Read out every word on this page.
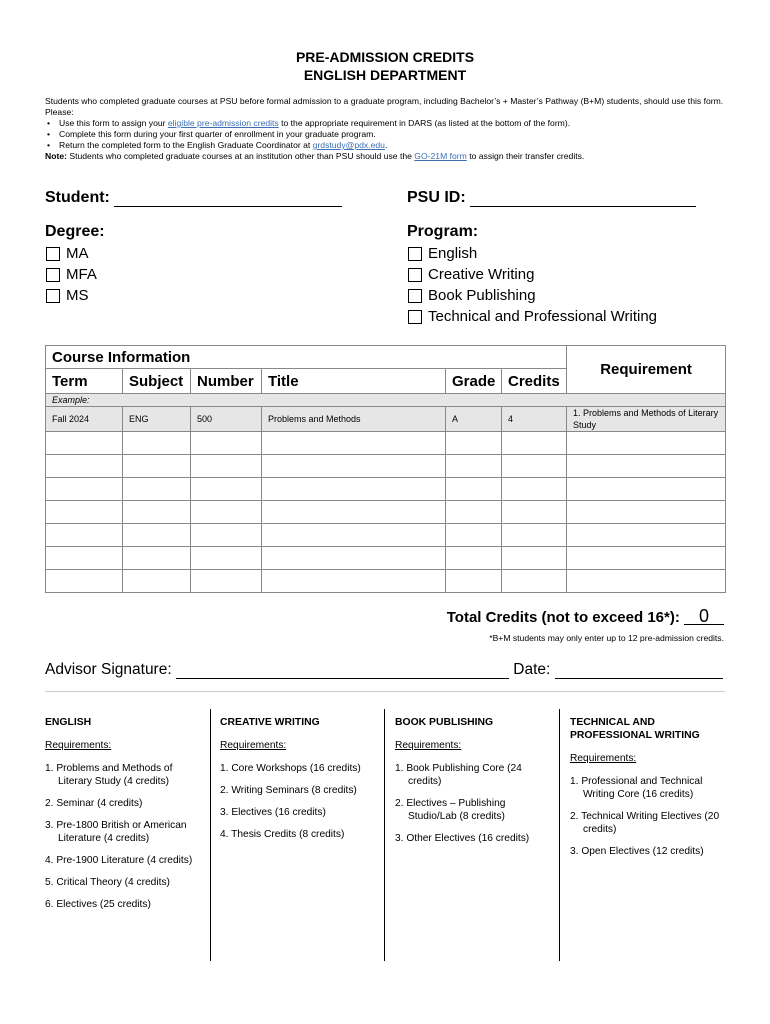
PRE-ADMISSION CREDITS
ENGLISH DEPARTMENT

Students who completed graduate courses at PSU before formal admission to a graduate program, including Bachelor’s + Master’s Pathway (B+M) students, should use this form. Please:

• Use this form to assign your eligible pre-admission credits to the appropriate requirement in DARS (as listed at the bottom of the form).
• Complete this form during your first quarter of enrollment in your graduate program.
• Return the completed form to the English Graduate Coordinator at grdstudy@pdx.edu.

Note: Students who completed graduate courses at an institution other than PSU should use the GO-21M form to assign their transfer credits.

Student:	PSU ID:
Degree:
MA
MFA
MS
Program:
English
Creative Writing
Book Publishing
Technical and Professional Writing
Course Information						Requirement
Term	Subject	Number	Title	Grade	Credits	
Example:						
Fall 2024	ENG	500	Problems and Methods	A	4	1. Problems and Methods of Literary Study

Total Credits (not to exceed 16*): 0
*B+M students may only enter up to 12 pre-admission credits.
Advisor Signature:	Date:
ENGLISH
Requirements:
1. Problems and Methods of Literary Study (4 credits)
2. Seminar (4 credits)
3. Pre-1800 British or American Literature (4 credits)
4. Pre-1900 Literature (4 credits)
5. Critical Theory (4 credits)
6. Electives (25 credits)
CREATIVE WRITING
Requirements:
1. Core Workshops (16 credits)
2. Writing Seminars (8 credits)
3. Electives (16 credits)
4. Thesis Credits (8 credits)
BOOK PUBLISHING
Requirements:
1. Book Publishing Core (24 credits)
2. Electives – Publishing Studio/Lab (8 credits)
3. Other Electives (16 credits)
TECHNICAL AND PROFESSIONAL WRITING
Requirements:
1. Professional and Technical Writing Core (16 credits)
2. Technical Writing Electives (20 credits)
3. Open Electives (12 credits)
